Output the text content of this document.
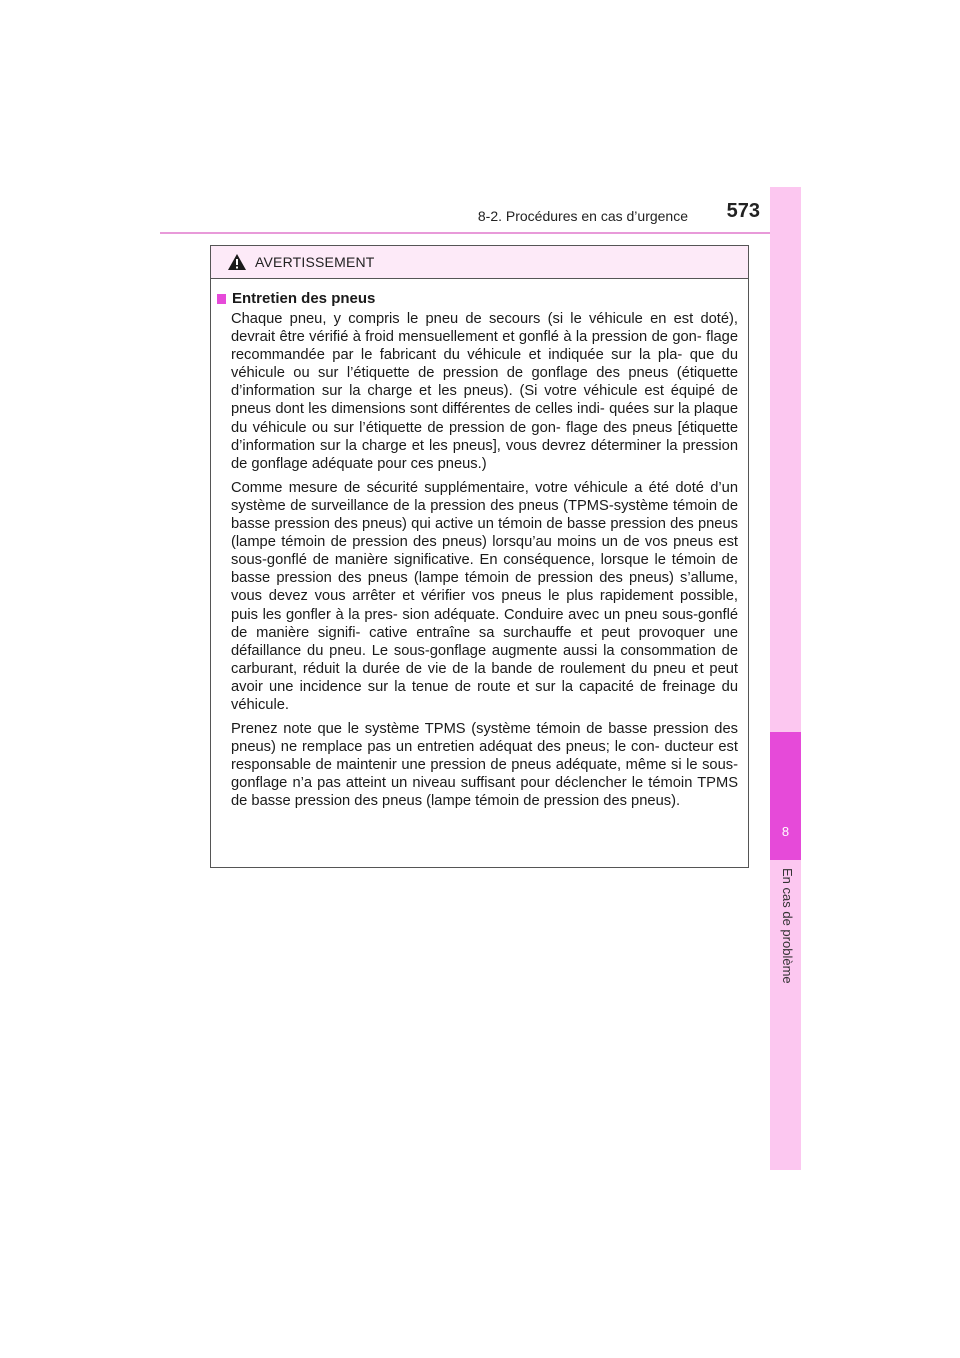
8-2. Procédures en cas d’urgence	573
8
En cas de problème
AVERTISSEMENT
Entretien des pneus

Chaque pneu, y compris le pneu de secours (si le véhicule en est doté), devrait être vérifié à froid mensuellement et gonflé à la pression de gon- flage recommandée par le fabricant du véhicule et indiquée sur la pla- que du véhicule ou sur l’étiquette de pression de gonflage des pneus (étiquette d’information sur la charge et les pneus). (Si votre véhicule est équipé de pneus dont les dimensions sont différentes de celles indi- quées sur la plaque du véhicule ou sur l’étiquette de pression de gon- flage des pneus [étiquette d’information sur la charge et les pneus], vous devrez déterminer la pression de gonflage adéquate pour ces pneus.)

Comme mesure de sécurité supplémentaire, votre véhicule a été doté d’un système de surveillance de la pression des pneus (TPMS-système témoin de basse pression des pneus) qui active un témoin de basse pression des pneus (lampe témoin de pression des pneus) lorsqu’au moins un de vos pneus est sous-gonflé de manière significative. En conséquence, lorsque le témoin de basse pression des pneus (lampe témoin de pression des pneus) s’allume, vous devez vous arrêter et vérifier vos pneus le plus rapidement possible, puis les gonfler à la pres- sion adéquate. Conduire avec un pneu sous-gonflé de manière signifi- cative entraîne sa surchauffe et peut provoquer une défaillance du pneu. Le sous-gonflage augmente aussi la consommation de carburant, réduit la durée de vie de la bande de roulement du pneu et peut avoir une incidence sur la tenue de route et sur la capacité de freinage du véhicule.

Prenez note que le système TPMS (système témoin de basse pression des pneus) ne remplace pas un entretien adéquat des pneus; le con- ducteur est responsable de maintenir une pression de pneus adéquate, même si le sous-gonflage n’a pas atteint un niveau suffisant pour déclencher le témoin TPMS de basse pression des pneus (lampe témoin de pression des pneus).
